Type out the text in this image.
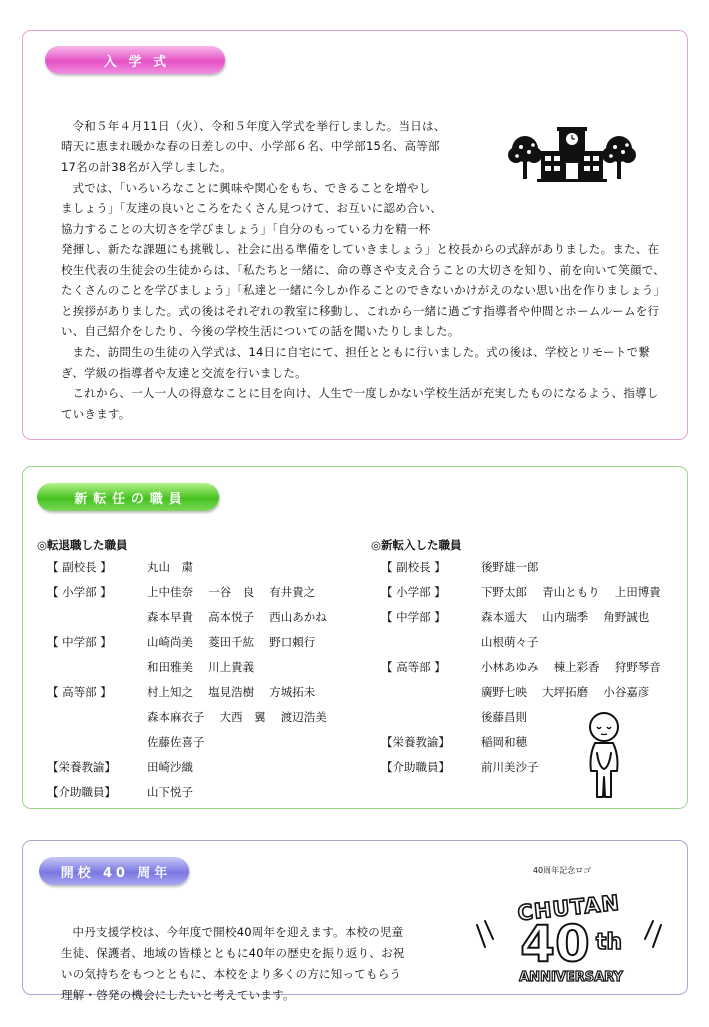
入学式

令和５年４月11日（火）、令和５年度入学式を挙行しました。当日は、
晴天に恵まれ暖かな春の日差しの中、小学部６名、中学部15名、高等部
17名の計38名が入学しました。

式では、「いろいろなことに興味や関心をもち、できることを増やし
ましょう」「友達の良いところをたくさん見つけて、お互いに認め合い、
協力することの大切さを学びましょう」「自分のもっている力を精一杯
発揮し、新たな課題にも挑戦し、社会に出る準備をしていきましょう」と校長からの式辞がありました。また、在校生代表の生徒会の生徒からは、「私たちと一緒に、命の尊さや支え合うことの大切さを知り、前を向いて笑顔で、たくさんのことを学びましょう」「私達と一緒に今しか作ることのできないかけがえのない思い出を作りましょう」と挨拶がありました。式の後はそれぞれの教室に移動し、これから一緒に過ごす指導者や仲間とホームルームを行い、自己紹介をしたり、今後の学校生活についての話を聞いたりしました。

また、訪問生の生徒の入学式は、14日に自宅にて、担任とともに行いました。式の後は、学校とリモートで繋ぎ、学級の指導者や友達と交流を行いました。

これから、一人一人の得意なことに目を向け、人生で一度しかない学校生活が充実したものになるよう、指導していきます。

新転任の職員
◎転退職した職員	◎新転入した職員
【 副校長 】	丸山　粛
【 小学部 】	上中佳奈　 一谷　良　 有井貴之
森本早貴　 高本悦子　 西山あかね
【 中学部 】	山崎尚美　 菱田千紘　 野口頼行
和田雅美　 川上貴義
【 高等部 】	村上知之　 塩見浩樹　 方城拓未
森本麻衣子　 大西　翼　 渡辺浩美
佐藤佐喜子
【栄養教諭】	田崎沙織
【介助職員】	山下悦子
【 副校長 】	後野雄一郎
【 小学部 】	下野太郎　 青山ともり　 上田博貴
【 中学部 】	森本遥大　 山内瑞季　 角野誠也
山根萌々子
【 高等部 】	小林あゆみ　 棟上彩香　 狩野琴音
廣野七映　 大坪拓磨　 小谷嘉彦
後藤昌則
【栄養教諭】	稲岡和穂
【介助職員】	前川美沙子
開校 40 周年

中丹支援学校は、今年度で開校40周年を迎えます。本校の児童
生徒、保護者、地域の皆様とともに40年の歴史を振り返り、お祝
いの気持ちをもつとともに、本校をより多くの方に知ってもらう
理解・啓発の機会にしたいと考えています。

40周年記念ロゴ
CHUTAN
40 th
ANNIVERSARY
